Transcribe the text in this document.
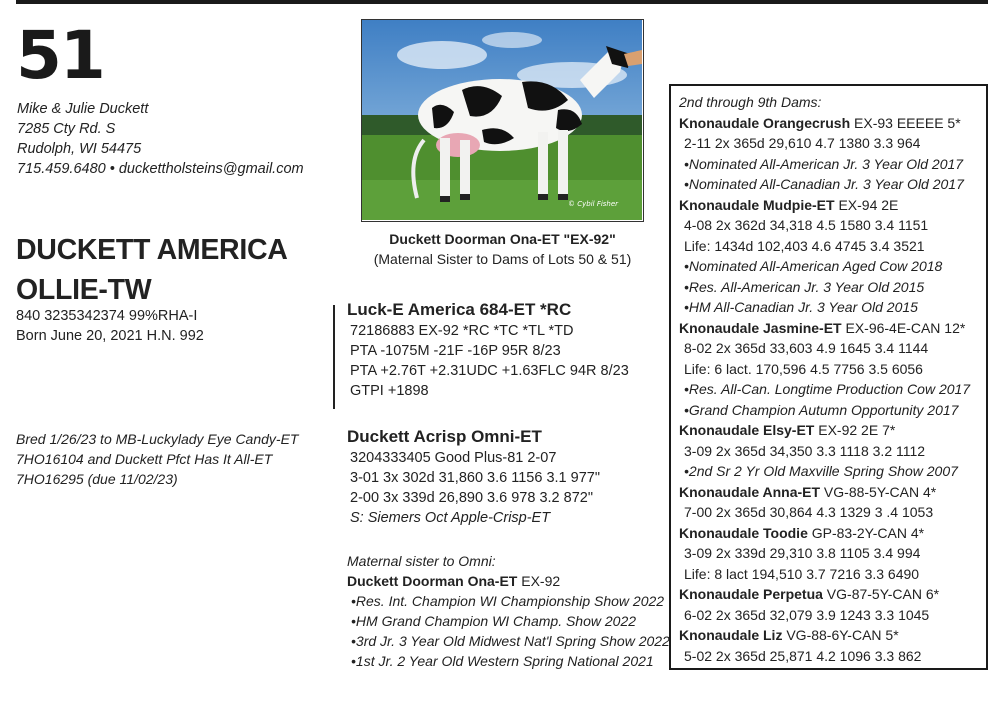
51
Mike & Julie Duckett
7285 Cty Rd. S
Rudolph, WI 54475
715.459.6480 • duckettholsteins@gmail.com
DUCKETT AMERICA
OLLIE-TW
840 3235342374 99%RHA-I
Born June 20, 2021 H.N. 992
Bred 1/26/23 to MB-Luckylady Eye Candy-ET
7HO16104 and Duckett Pfct Has It All-ET
7HO16295 (due 11/02/23)
© Cybil Fisher
Duckett Doorman Ona-ET "EX-92"
(Maternal Sister to Dams of Lots 50 & 51)
Luck-E America 684-ET *RC
72186883 EX-92 *RC *TC *TL *TD
PTA -1075M -21F -16P 95R 8/23
PTA +2.76T +2.31UDC +1.63FLC 94R 8/23
GTPI +1898
Duckett Acrisp Omni-ET
3204333405 Good Plus-81 2-07
3-01 3x 302d 31,860 3.6 1156 3.1 977"
2-00 3x 339d 26,890 3.6 978 3.2 872"
S: Siemers Oct Apple-Crisp-ET
Maternal sister to Omni:
Duckett Doorman Ona-ET EX-92
•Res. Int. Champion WI Championship Show 2022
•HM Grand Champion WI Champ. Show 2022
•3rd Jr. 3 Year Old Midwest Nat'l Spring Show 2022
•1st Jr. 2 Year Old Western Spring National 2021
2nd through 9th Dams:
Knonaudale Orangecrush EX-93 EEEEE 5*
2-11 2x 365d 29,610 4.7 1380 3.3 964
•Nominated All-American Jr. 3 Year Old 2017
•Nominated All-Canadian Jr. 3 Year Old 2017
Knonaudale Mudpie-ET EX-94 2E
4-08 2x 362d 34,318 4.5 1580 3.4 1151
Life: 1434d 102,403 4.6 4745 3.4 3521
•Nominated All-American Aged Cow 2018
•Res. All-American Jr. 3 Year Old 2015
•HM All-Canadian Jr. 3 Year Old 2015
Knonaudale Jasmine-ET EX-96-4E-CAN 12*
8-02 2x 365d 33,603 4.9 1645 3.4 1144
Life: 6 lact. 170,596 4.5 7756 3.5 6056
•Res. All-Can. Longtime Production Cow 2017
•Grand Champion Autumn Opportunity 2017
Knonaudale Elsy-ET EX-92 2E 7*
3-09 2x 365d 34,350 3.3 1118 3.2 1112
•2nd Sr 2 Yr Old Maxville Spring Show 2007
Knonaudale Anna-ET VG-88-5Y-CAN 4*
7-00 2x 365d 30,864 4.3 1329 3 .4 1053
Knonaudale Toodie GP-83-2Y-CAN 4*
3-09 2x 339d 29,310 3.8 1105 3.4 994
Life: 8 lact 194,510 3.7 7216 3.3 6490
Knonaudale Perpetua VG-87-5Y-CAN 6*
6-02 2x 365d 32,079 3.9 1243 3.3 1045
Knonaudale Liz VG-88-6Y-CAN 5*
5-02 2x 365d 25,871 4.2 1096 3.3 862
